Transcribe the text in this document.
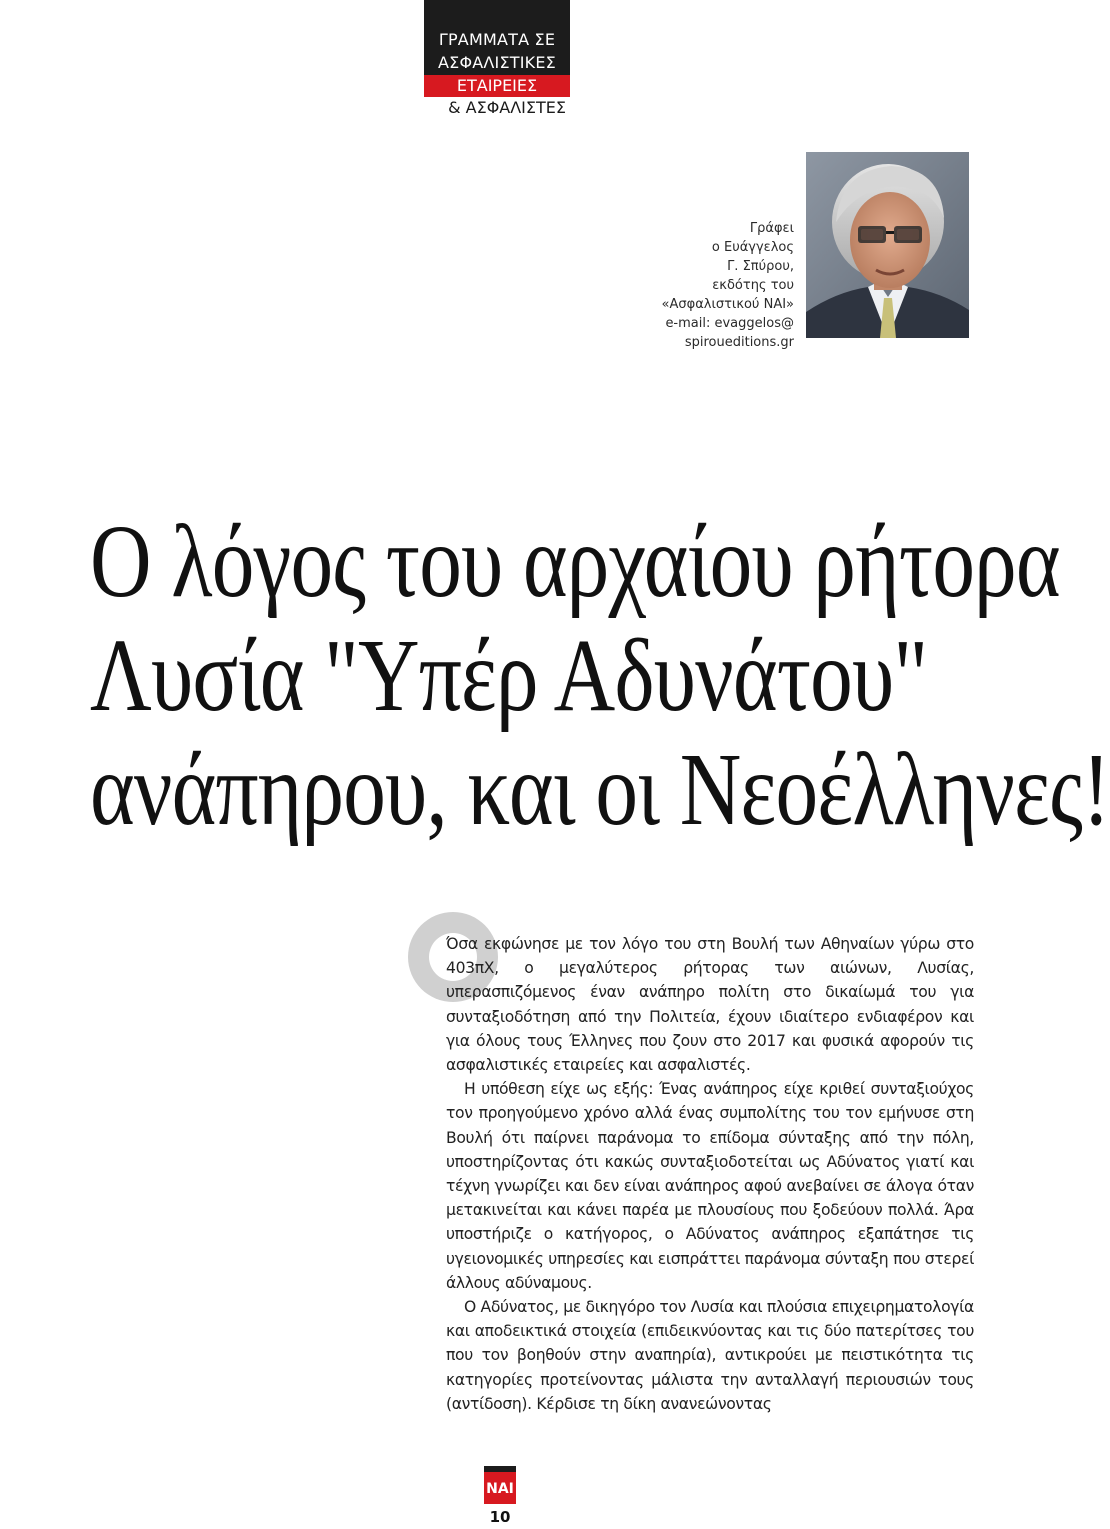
ΓΡΑΜΜΑΤΑ ΣΕ
ΑΣΦΑΛΙΣΤΙΚΕΣ
ΕΤΑΙΡΕΙΕΣ
& ΑΣΦΑΛΙΣΤΕΣ
Γράφει
ο Ευάγγελος
Γ. Σπύρου,
εκδότης του
«Ασφαλιστικού ΝΑΙ»
e-mail: evaggelos@
spiroueditions.gr
Ο λόγος του αρχαίου ρήτορα
Λυσία "Υπέρ Αδυνάτου"
ανάπηρου, και οι Νεοέλληνες!

Όσα εκφώνησε με τον λόγο του στη Βουλή των Αθηναίων γύρω στο 403πΧ, ο μεγαλύτερος ρήτορας των αιώνων, Λυσίας, υπερασπιζόμενος έναν ανάπηρο πολίτη στο δικαίωμά του για συνταξιοδότηση από την Πολιτεία, έχουν ιδιαίτερο ενδιαφέρον και για όλους τους Έλληνες που ζουν στο 2017 και φυσικά αφορούν τις ασφαλιστικές εταιρείες και ασφαλιστές.

Η υπόθεση είχε ως εξής: Ένας ανάπηρος είχε κριθεί συνταξιούχος τον προηγούμενο χρόνο αλλά ένας συμπολίτης του τον εμήνυσε στη Βουλή ότι παίρνει παράνομα το επίδομα σύνταξης από την πόλη, υποστηρίζοντας ότι κακώς συνταξιοδοτείται ως Αδύνατος γιατί και τέχνη γνωρίζει και δεν είναι ανάπηρος αφού ανεβαίνει σε άλογα όταν μετακινείται και κάνει παρέα με πλουσίους που ξοδεύουν πολλά. Άρα υποστήριζε ο κατήγορος, ο Αδύνατος ανάπηρος εξαπάτησε τις υγειονομικές υπηρεσίες και εισπράττει παράνομα σύνταξη που στερεί άλλους αδύναμους.

Ο Αδύνατος, με δικηγόρο τον Λυσία και πλούσια επιχειρηματολογία και αποδεικτικά στοιχεία (επιδεικνύοντας και τις δύο πατερίτσες του που τον βοηθούν στην αναπηρία), αντικρούει με πειστικότητα τις κατηγορίες προτείνοντας μάλιστα την ανταλλαγή περιουσιών τους (αντίδοση). Κέρδισε τη δίκη ανανεώνοντας

ΝΑΙ
10
